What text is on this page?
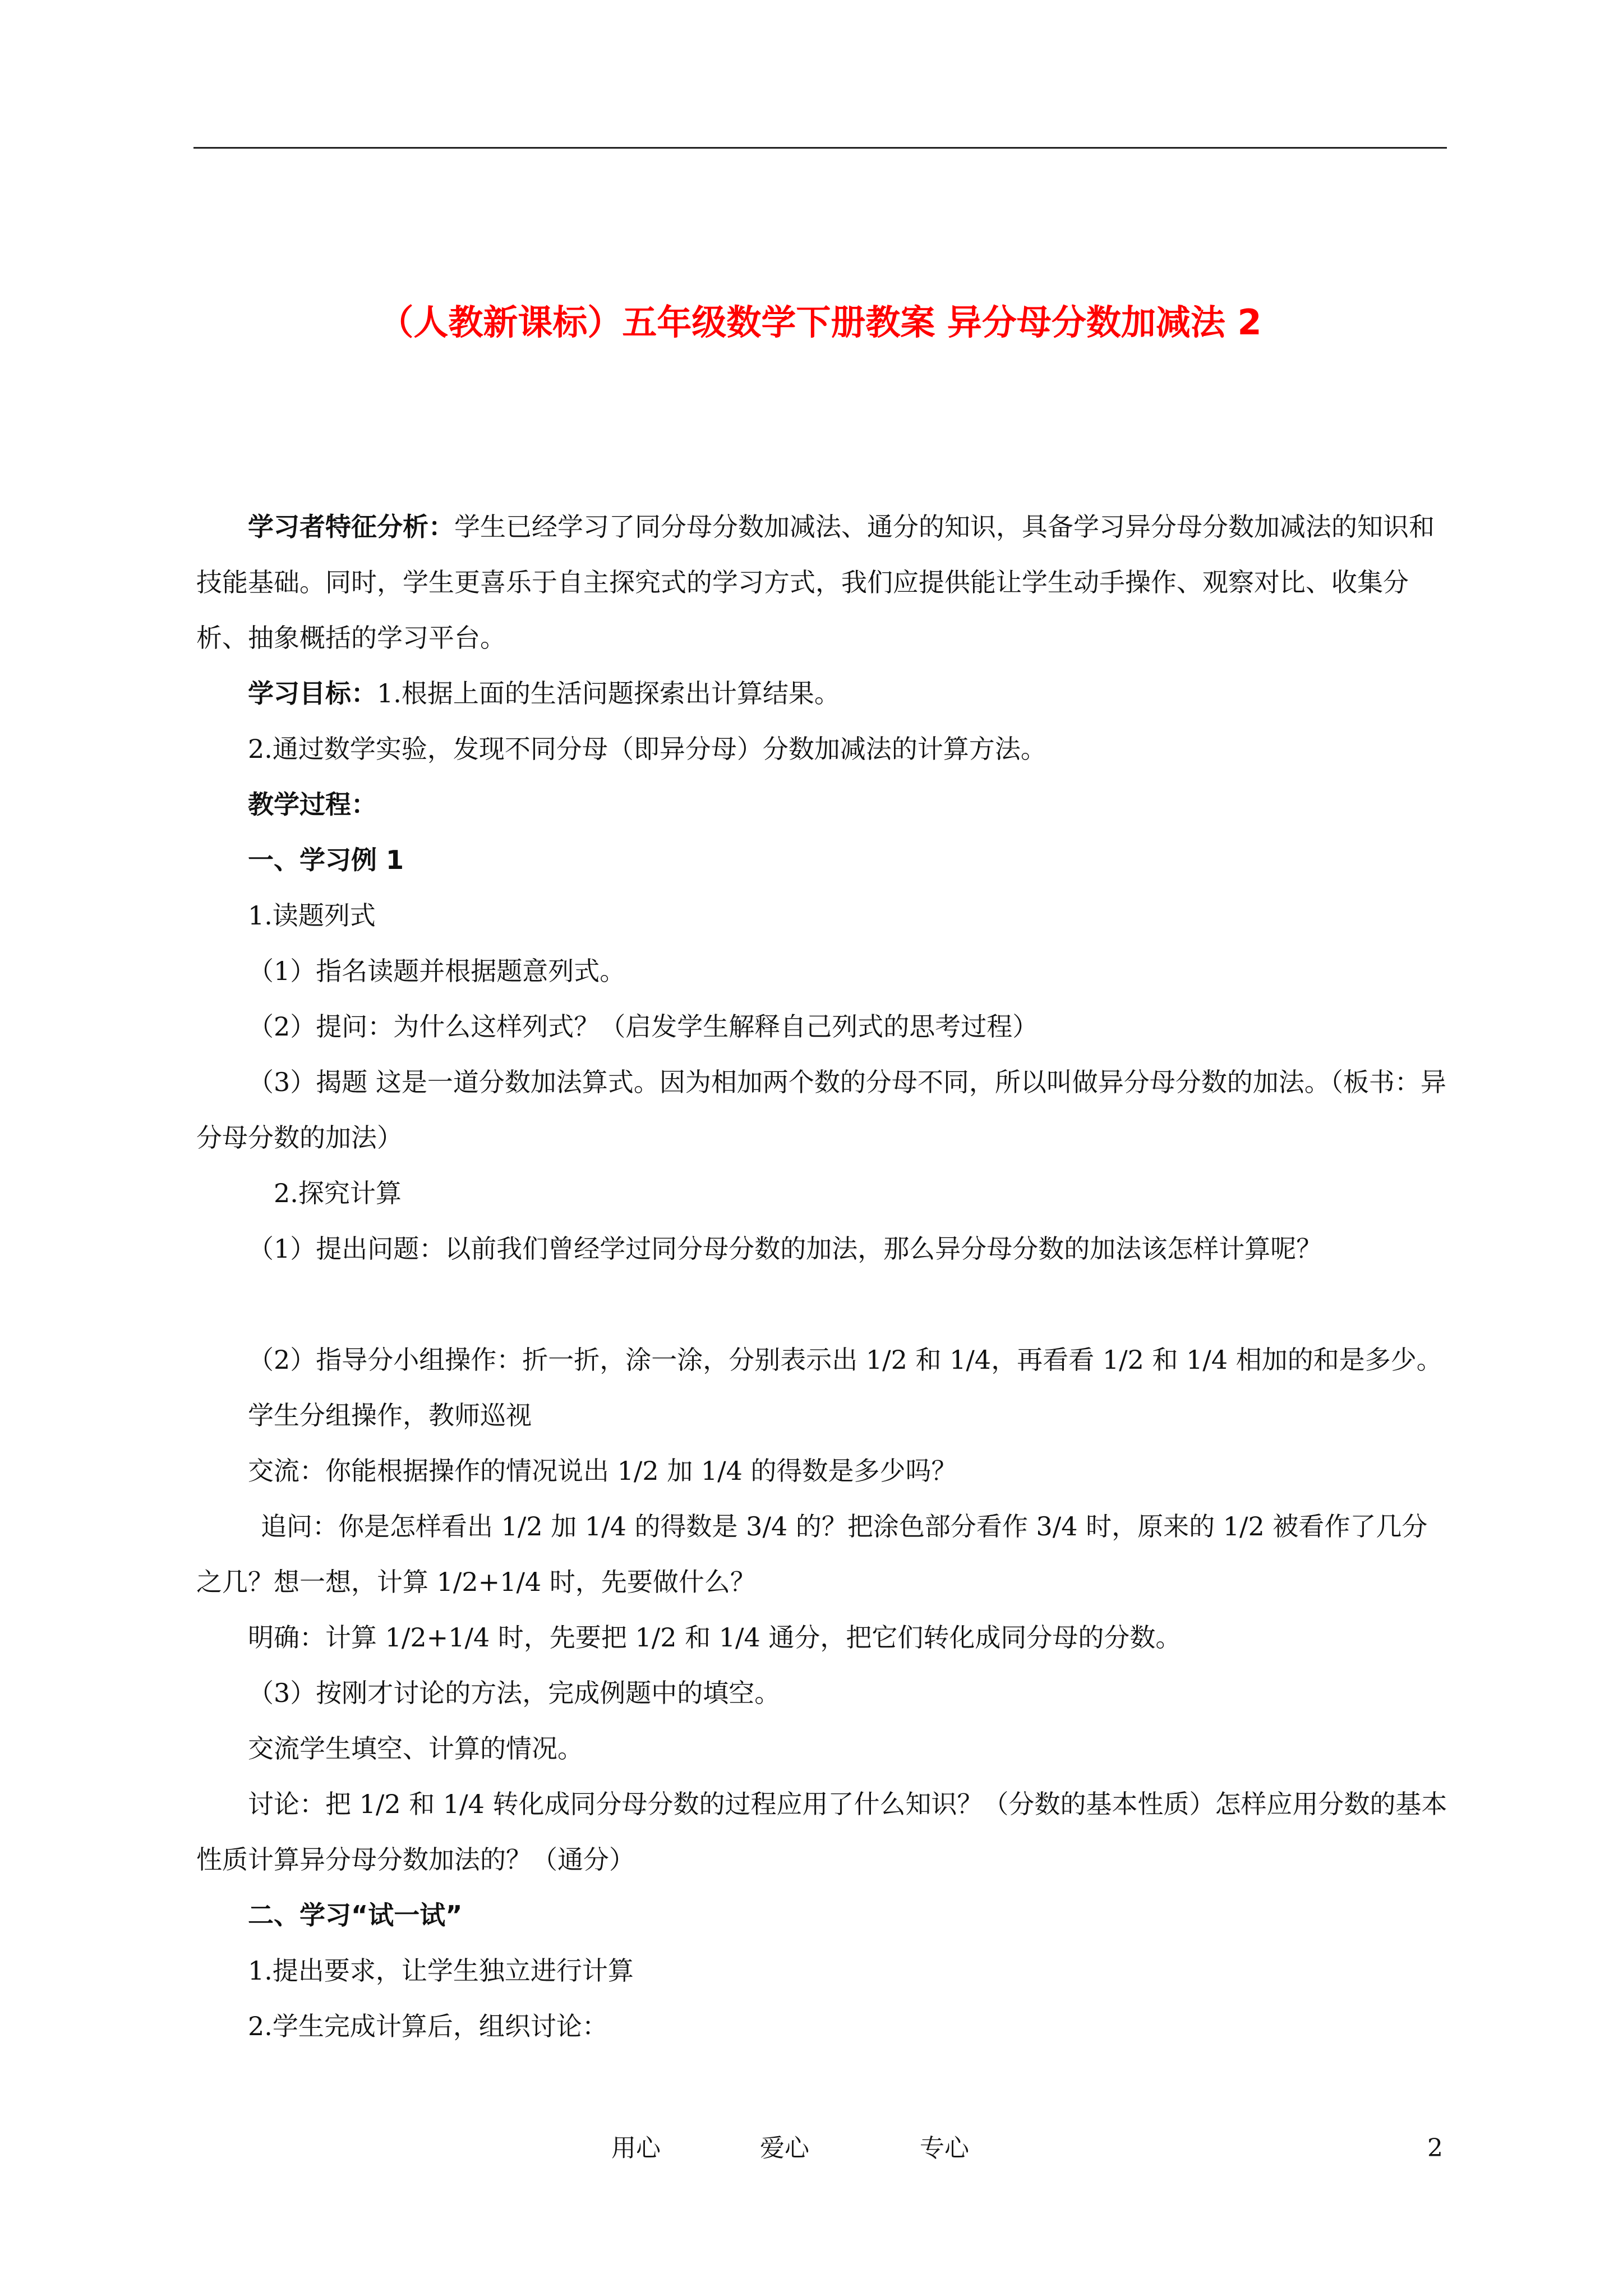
（人教新课标）五年级数学下册教案 异分母分数加减法 2

学习者特征分析：学生已经学习了同分母分数加减法、通分的知识，具备学习异分母分数加减法的知识和技能基础。同时，学生更喜乐于自主探究式的学习方式，我们应提供能让学生动手操作、观察对比、收集分析、抽象概括的学习平台。

学习目标：1.根据上面的生活问题探索出计算结果。

2.通过数学实验，发现不同分母（即异分母）分数加减法的计算方法。

教学过程：

一、学习例 1

1.读题列式

（1）指名读题并根据题意列式。

（2）提问：为什么这样列式？（启发学生解释自己列式的思考过程）

（3）揭题 这是一道分数加法算式。因为相加两个数的分母不同，所以叫做异分母分数的加法。（板书：异分母分数的加法）

2.探究计算

（1）提出问题：以前我们曾经学过同分母分数的加法，那么异分母分数的加法该怎样计算呢？

（2）指导分小组操作：折一折，涂一涂，分别表示出 1/2 和 1/4，再看看 1/2 和 1/4 相加的和是多少。

学生分组操作，教师巡视

交流：你能根据操作的情况说出 1/2 加 1/4 的得数是多少吗？

追问：你是怎样看出 1/2 加 1/4 的得数是 3/4 的？把涂色部分看作 3/4 时，原来的 1/2 被看作了几分之几？想一想，计算 1/2+1/4 时，先要做什么？

明确：计算 1/2+1/4 时，先要把 1/2 和 1/4 通分，把它们转化成同分母的分数。

（3）按刚才讨论的方法，完成例题中的填空。

交流学生填空、计算的情况。

讨论：把 1/2 和 1/4 转化成同分母分数的过程应用了什么知识？（分数的基本性质）怎样应用分数的基本性质计算异分母分数加法的？（通分）

二、学习“试一试”

1.提出要求，让学生独立进行计算

2.学生完成计算后，组织讨论：

用心	爱心	专心	2
